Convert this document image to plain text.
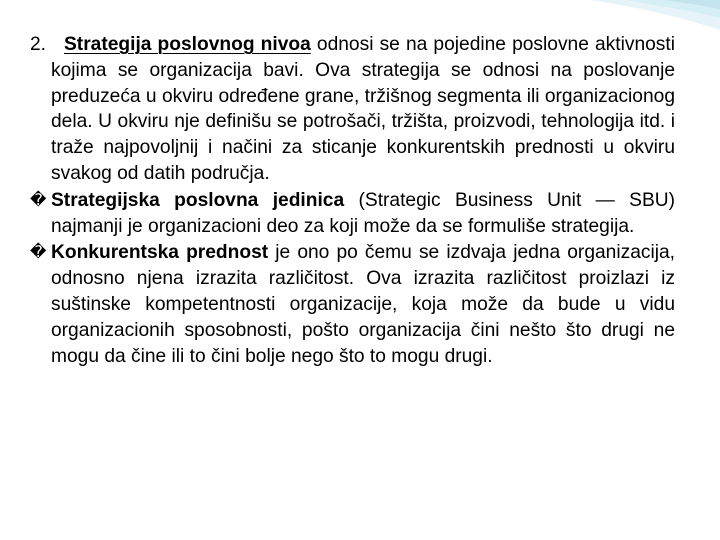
2. Strategija poslovnog nivoa odnosi se na pojedine poslovne aktivnosti kojima se organizacija bavi. Ova strategija se odnosi na poslovanje preduzeća u okviru određene grane, tržišnog segmenta ili organizacionog dela. U okviru nje definišu se potrošači, tržišta, proizvodi, tehnologija itd. i traže najpovoljnij i načini za sticanje konkurentskih prednosti u okviru svakog od datih područja.

� Strategijska poslovna jedinica (Strategic Business Unit — SBU) najmanji je organizacioni deo za koji može da se formuliše strategija.

� Konkurentska prednost je ono po čemu se izdvaja jedna organizacija, odnosno njena izrazita različitost. Ova izrazita različitost proizlazi iz suštinske kompetentnosti organizacije, koja može da bude u vidu organizacionih sposobnosti, pošto organizacija čini nešto što drugi ne mogu da čine ili to čini bolje nego što to mogu drugi.
